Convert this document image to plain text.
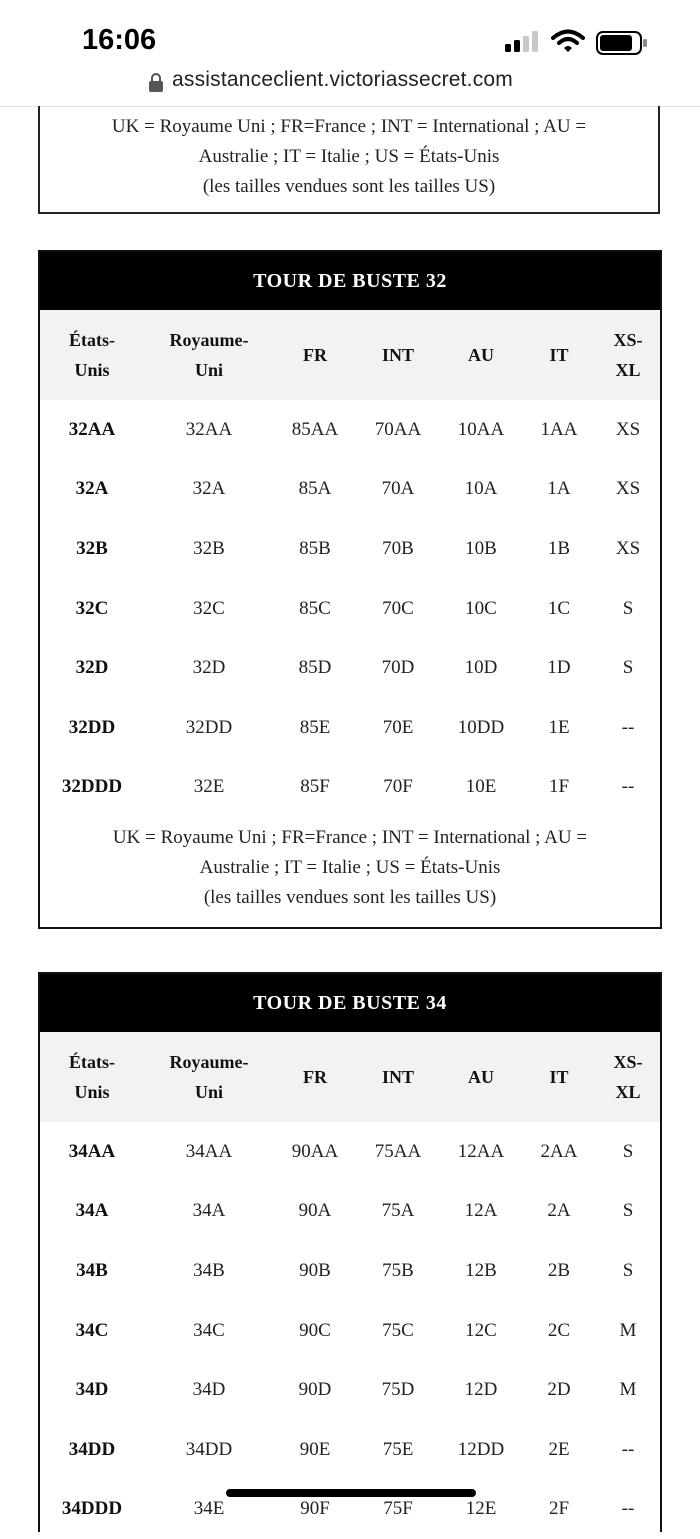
16:06
assistanceclient.victoriassecret.com
UK = Royaume Uni ; FR=France ; INT = International ; AU =
Australie ; IT = Italie ; US = États-Unis
(les tailles vendues sont les tailles US)
TOUR DE BUSTE 32
États-
Unis	Royaume-
Uni	FR	INT	AU	IT	XS-
XL
32AA	32AA	85AA	70AA	10AA	1AA	XS
32A	32A	85A	70A	10A	1A	XS
32B	32B	85B	70B	10B	1B	XS
32C	32C	85C	70C	10C	1C	S
32D	32D	85D	70D	10D	1D	S
32DD	32DD	85E	70E	10DD	1E	--
32DDD	32E	85F	70F	10E	1F	--
UK = Royaume Uni ; FR=France ; INT = International ; AU =
Australie ; IT = Italie ; US = États-Unis
(les tailles vendues sont les tailles US)
TOUR DE BUSTE 34
États-
Unis	Royaume-
Uni	FR	INT	AU	IT	XS-
XL
34AA	34AA	90AA	75AA	12AA	2AA	S
34A	34A	90A	75A	12A	2A	S
34B	34B	90B	75B	12B	2B	S
34C	34C	90C	75C	12C	2C	M
34D	34D	90D	75D	12D	2D	M
34DD	34DD	90E	75E	12DD	2E	--
34DDD	34E	90F	75F	12E	2F	--
